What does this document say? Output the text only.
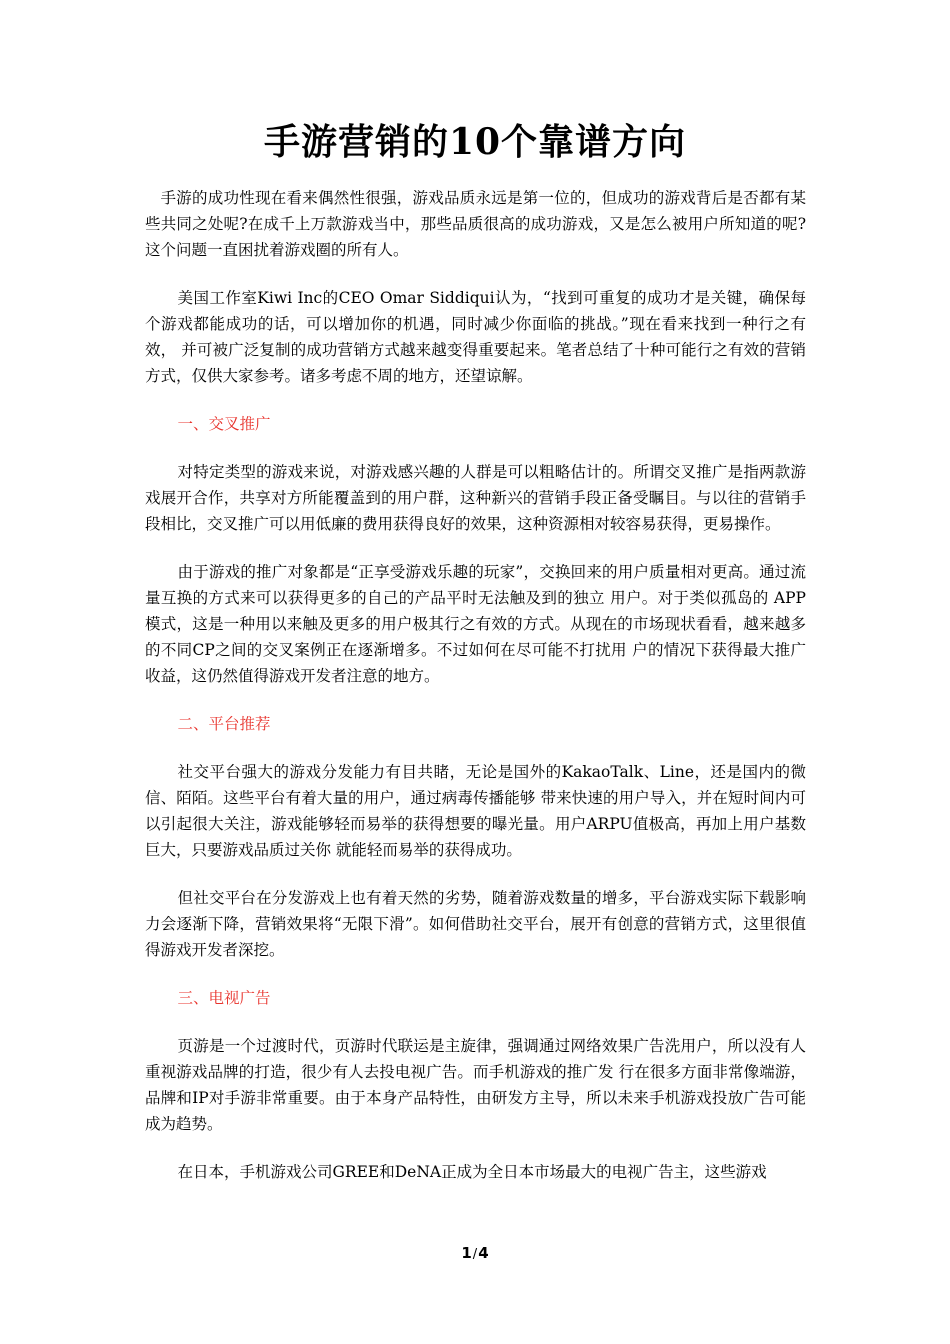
手游营销的10个靠谱方向

手游的成功性现在看来偶然性很强，游戏品质永远是第一位的，但成功的游戏背后是否都有某些共同之处呢?在成千上万款游戏当中，那些品质很高的成功游戏，又是怎么被用户所知道的呢?这个问题一直困扰着游戏圈的所有人。

美国工作室Kiwi Inc的CEO Omar Siddiqui认为，“找到可重复的成功才是关键，确保每个游戏都能成功的话，可以增加你的机遇，同时减少你面临的挑战。”现在看来找到一种行之有效， 并可被广泛复制的成功营销方式越来越变得重要起来。笔者总结了十种可能行之有效的营销方式，仅供大家参考。诸多考虑不周的地方，还望谅解。

一、交叉推广

对特定类型的游戏来说，对游戏感兴趣的人群是可以粗略估计的。所谓交叉推广是指两款游戏展开合作，共享对方所能覆盖到的用户群，这种新兴的营销手段正备受瞩目。与以往的营销手段相比，交叉推广可以用低廉的费用获得良好的效果，这种资源相对较容易获得，更易操作。

由于游戏的推广对象都是“正享受游戏乐趣的玩家”，交换回来的用户质量相对更高。通过流量互换的方式来可以获得更多的自己的产品平时无法触及到的独立 用户。对于类似孤岛的 APP 模式，这是一种用以来触及更多的用户极其行之有效的方式。从现在的市场现状看看，越来越多的不同CP之间的交叉案例正在逐渐增多。不过如何在尽可能不打扰用 户的情况下获得最大推广收益，这仍然值得游戏开发者注意的地方。

二、平台推荐

社交平台强大的游戏分发能力有目共睹，无论是国外的KakaoTalk、Line，还是国内的微信、陌陌。这些平台有着大量的用户，通过病毒传播能够 带来快速的用户导入，并在短时间内可以引起很大关注，游戏能够轻而易举的获得想要的曝光量。用户ARPU值极高，再加上用户基数巨大，只要游戏品质过关你 就能轻而易举的获得成功。

但社交平台在分发游戏上也有着天然的劣势，随着游戏数量的增多，平台游戏实际下载影响力会逐渐下降，营销效果将“无限下滑”。如何借助社交平台，展开有创意的营销方式，这里很值得游戏开发者深挖。

三、电视广告

页游是一个过渡时代，页游时代联运是主旋律，强调通过网络效果广告洗用户，所以没有人重视游戏品牌的打造，很少有人去投电视广告。而手机游戏的推广发 行在很多方面非常像端游，品牌和IP对手游非常重要。由于本身产品特性，由研发方主导，所以未来手机游戏投放广告可能成为趋势。

在日本，手机游戏公司GREE和DeNA正成为全日本市场最大的电视广告主，这些游戏

1/4
